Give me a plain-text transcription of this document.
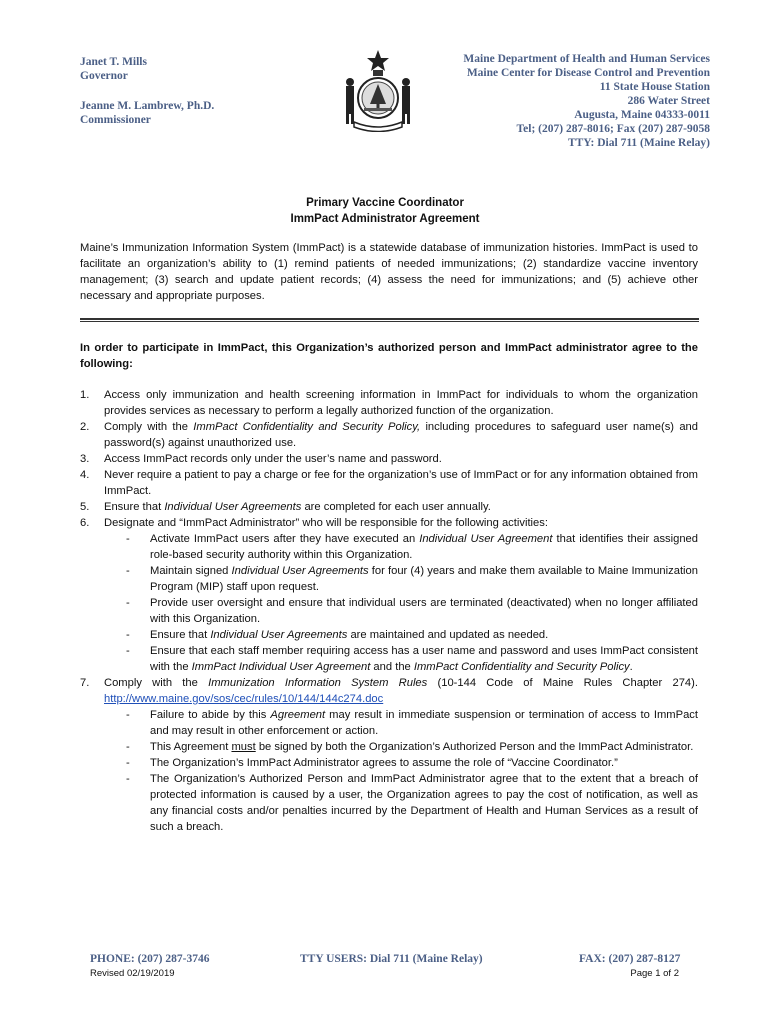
Janet T. Mills
Governor
Jeanne M. Lambrew, Ph.D.
Commissioner
Maine Department of Health and Human Services
Maine Center for Disease Control and Prevention
11 State House Station
286 Water Street
Augusta, Maine 04333-0011
Tel; (207) 287-8016; Fax (207) 287-9058
TTY: Dial 711 (Maine Relay)
Primary Vaccine Coordinator
ImmPact Administrator Agreement
Maine’s Immunization Information System (ImmPact) is a statewide database of immunization histories. ImmPact is used to facilitate an organization’s ability to (1) remind patients of needed immunizations; (2) standardize vaccine inventory management; (3) search and update patient records; (4) assess the need for immunizations; and (5) achieve other necessary and appropriate purposes.
In order to participate in ImmPact, this Organization’s authorized person and ImmPact administrator agree to the following:
1. Access only immunization and health screening information in ImmPact for individuals to whom the organization provides services as necessary to perform a legally authorized function of the organization.
2. Comply with the ImmPact Confidentiality and Security Policy, including procedures to safeguard user name(s) and password(s) against unauthorized use.
3. Access ImmPact records only under the user’s name and password.
4. Never require a patient to pay a charge or fee for the organization’s use of ImmPact or for any information obtained from ImmPact.
5. Ensure that Individual User Agreements are completed for each user annually.
6. Designate and “ImmPact Administrator” who will be responsible for the following activities:
- Activate ImmPact users after they have executed an Individual User Agreement that identifies their assigned role-based security authority within this Organization.
- Maintain signed Individual User Agreements for four (4) years and make them available to Maine Immunization Program (MIP) staff upon request.
- Provide user oversight and ensure that individual users are terminated (deactivated) when no longer affiliated with this Organization.
- Ensure that Individual User Agreements are maintained and updated as needed.
- Ensure that each staff member requiring access has a user name and password and uses ImmPact consistent with the ImmPact Individual User Agreement and the ImmPact Confidentiality and Security Policy.
7. Comply with the Immunization Information System Rules (10-144 Code of Maine Rules Chapter 274). http://www.maine.gov/sos/cec/rules/10/144/144c274.doc
- Failure to abide by this Agreement may result in immediate suspension or termination of access to ImmPact and may result in other enforcement or action.
- This Agreement must be signed by both the Organization’s Authorized Person and the ImmPact Administrator.
- The Organization’s ImmPact Administrator agrees to assume the role of “Vaccine Coordinator.”
- The Organization’s Authorized Person and ImmPact Administrator agree that to the extent that a breach of protected information is caused by a user, the Organization agrees to pay the cost of notification, as well as any financial costs and/or penalties incurred by the Department of Health and Human Services as a result of such a breach.
PHONE: (207) 287-3746	TTY USERS: Dial 711 (Maine Relay)	FAX: (207) 287-8127
Revised 02/19/2019	Page 1 of 2
